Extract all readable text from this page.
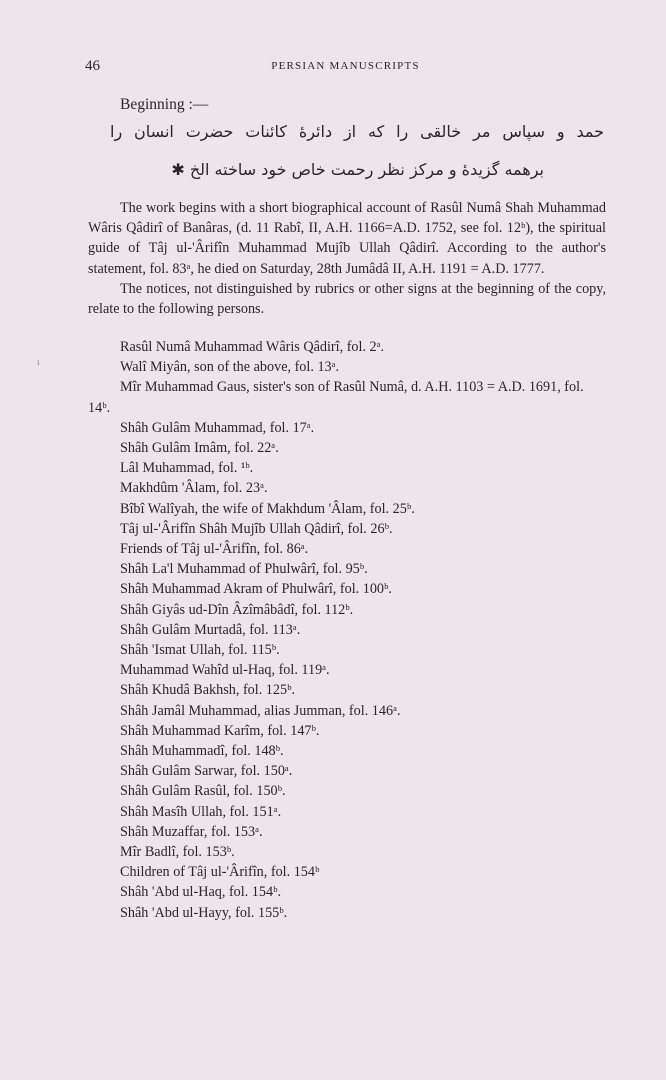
46	PERSIAN MANUSCRIPTS
Beginning :—
حمد و سپاس مر خالقی را که از دائرهٔ کائنات حضرت انسان را
برهمه گزیدهٔ و مرکز نظر رحمت خاص خود ساخته الخ ✱

The work begins with a short biographical account of Rasûl Numâ Shah Muhammad Wâris Qâdirî of Banâras, (d. 11 Rabî, II, A.H. 1166=A.D. 1752, see fol. 12ᵇ), the spiritual guide of Tâj ul-'Ârifîn Muhammad Mujîb Ullah Qâdirî. According to the author's statement, fol. 83ᵃ, he died on Saturday, 28th Jumâdâ II, A.H. 1191 = A.D. 1777.

The notices, not distinguished by rubrics or other signs at the beginning of the copy, relate to the following persons.

ı
Rasûl Numâ Muhammad Wâris Qâdirî, fol. 2ᵃ.
Walî Miyân, son of the above, fol. 13ᵃ.
Mîr Muhammad Gaus, sister's son of Rasûl Numâ, d. A.H. 1103 = A.D. 1691, fol. 14ᵇ.
Shâh Gulâm Muhammad, fol. 17ᵃ.
Shâh Gulâm Imâm, fol. 22ᵃ.
Lâl Muhammad, fol. ¹ᵇ.
Makhdûm 'Âlam, fol. 23ᵃ.
Bîbî Walîyah, the wife of Makhdum 'Âlam, fol. 25ᵇ.
Tâj ul-'Ârifîn Shâh Mujîb Ullah Qâdirî, fol. 26ᵇ.
Friends of Tâj ul-'Ârifîn, fol. 86ᵃ.
Shâh La'l Muhammad of Phulwârî, fol. 95ᵇ.
Shâh Muhammad Akram of Phulwârî, fol. 100ᵇ.
Shâh Giyâs ud-Dîn Âzîmâbâdî, fol. 112ᵇ.
Shâh Gulâm Murtadâ, fol. 113ᵃ.
Shâh 'Ismat Ullah, fol. 115ᵇ.
Muhammad Wahîd ul-Haq, fol. 119ᵃ.
Shâh Khudâ Bakhsh, fol. 125ᵇ.
Shâh Jamâl Muhammad, alias Jumman, fol. 146ᵃ.
Shâh Muhammad Karîm, fol. 147ᵇ.
Shâh Muhammadî, fol. 148ᵇ.
Shâh Gulâm Sarwar, fol. 150ᵃ.
Shâh Gulâm Rasûl, fol. 150ᵇ.
Shâh Masîh Ullah, fol. 151ᵃ.
Shâh Muzaffar, fol. 153ᵃ.
Mîr Badlî, fol. 153ᵇ.
Children of Tâj ul-'Ârifîn, fol. 154ᵇ
Shâh 'Abd ul-Haq, fol. 154ᵇ.
Shâh 'Abd ul-Hayy, fol. 155ᵇ.
